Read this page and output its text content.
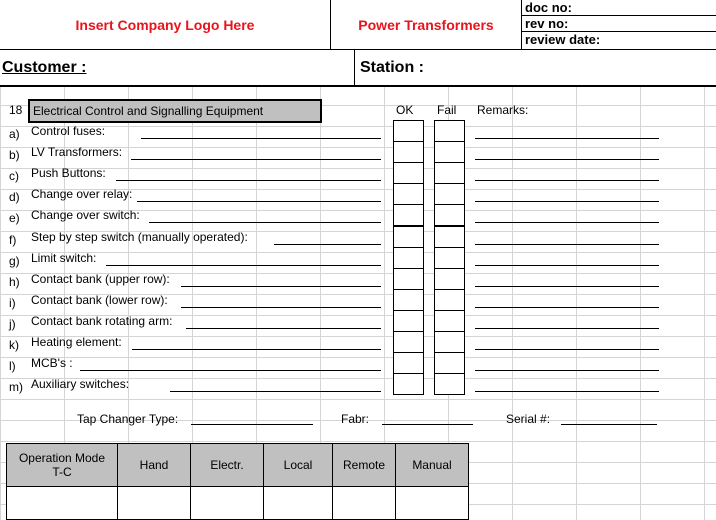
Insert Company Logo Here	Power Transformers
doc no:
rev no:
review date:
Customer :	Station :
18 Electrical Control and Signalling Equipment	OK Fail Remarks:
a) Control fuses:
b) LV Transformers:
c) Push Buttons:
d) Change over relay:
e) Change over switch:
f) Step by step switch (manually operated):
g) Limit switch:
h) Contact bank (upper row):
i) Contact bank (lower row):
j) Contact bank rotating arm:
k) Heating element:
l) MCB's :
m) Auxiliary switches:
Tap Changer Type:	Fabr:	Serial #:
Operation Mode T-C	Hand	Electr.	Local	Remote	Manual
